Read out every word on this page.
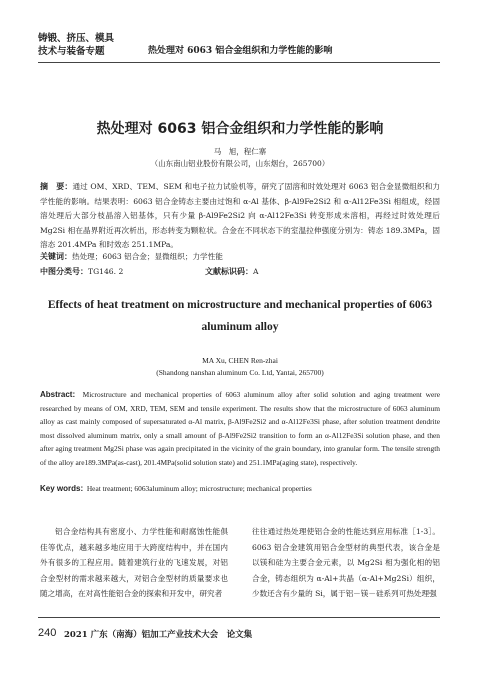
铸锻、挤压、模具
技术与装备专题	热处理对 6063 铝合金组织和力学性能的影响
热处理对 6063 铝合金组织和力学性能的影响
马　旭，程仁寨
（山东南山铝业股份有限公司，山东烟台，265700）
摘　要：通过 OM、XRD、TEM、SEM 和电子拉力试验机等，研究了固溶和时效处理对 6063 铝合金显微组织和力学性能的影响。结果表明：6063 铝合金铸态主要由过饱和 α-Al 基体、β-Al9Fe2Si2 和 α-Al12Fe3Si 相组成，经固溶处理后大部分枝晶溶入铝基体，只有少量 β-Al9Fe2Si2 向 α-Al12Fe3Si 转变形成未溶相，再经过时效处理后 Mg2Si 相在晶界附近再次析出，形态转变为颗粒状。合金在不同状态下的室温拉伸强度分别为：铸态 189.3MPa，固溶态 201.4MPa 和时效态 251.1MPa。
关键词：热处理；6063 铝合金；显微组织；力学性能
中图分类号：TG146. 2	文献标识码：A
Effects of heat treatment on microstructure and mechanical properties of 6063 aluminum alloy
MA Xu, CHEN Ren-zhai
(Shandong nanshan aluminum Co. Ltd, Yantai, 265700)
Abstract: Microstructure and mechanical properties of 6063 aluminum alloy after solid solution and aging treatment were researched by means of OM, XRD, TEM, SEM and tensile experiment. The results show that the microstructure of 6063 aluminum alloy as cast mainly composed of supersaturated α-Al matrix, β-Al9Fe2Si2 and α-Al12Fe3Si phase, after solution treatment dendrite most dissolved aluminum matrix, only a small amount of β-Al9Fe2Si2 transition to form an α-Al12Fe3Si solution phase, and then after aging treatment Mg2Si phase was again precipitated in the vicinity of the grain boundary, into granular form. The tensile strength of the alloy are189.3MPa(as-cast), 201.4MPa(solid solution state) and 251.1MPa(aging state), respectively.
Key words: Heat treatment; 6063aluminum alloy; microstructure; mechanical properties
铝合金结构具有密度小、力学性能和耐腐蚀性能俱佳等优点，越来越多地应用于大跨度结构中，并在国内外有很多的工程应用。随着建筑行业的飞速发展，对铝合金型材的需求越来越大，对铝合金型材的质量要求也随之增高，在对高性能铝合金的探索和开发中，研究者
往往通过热处理使铝合金的性能达到应用标准［1-3］。6063 铝合金建筑用铝合金型材的典型代表，该合金是以镁和硅为主要合金元素，以 Mg2Si 相为强化相的铝合金，铸态组织为 α-Al+共晶（α-Al+Mg2Si）组织，少数还含有少量的 Si，属于铝－镁－硅系列可热处理强
240 2021 广东（南海）铝加工产业技术大会　论文集
